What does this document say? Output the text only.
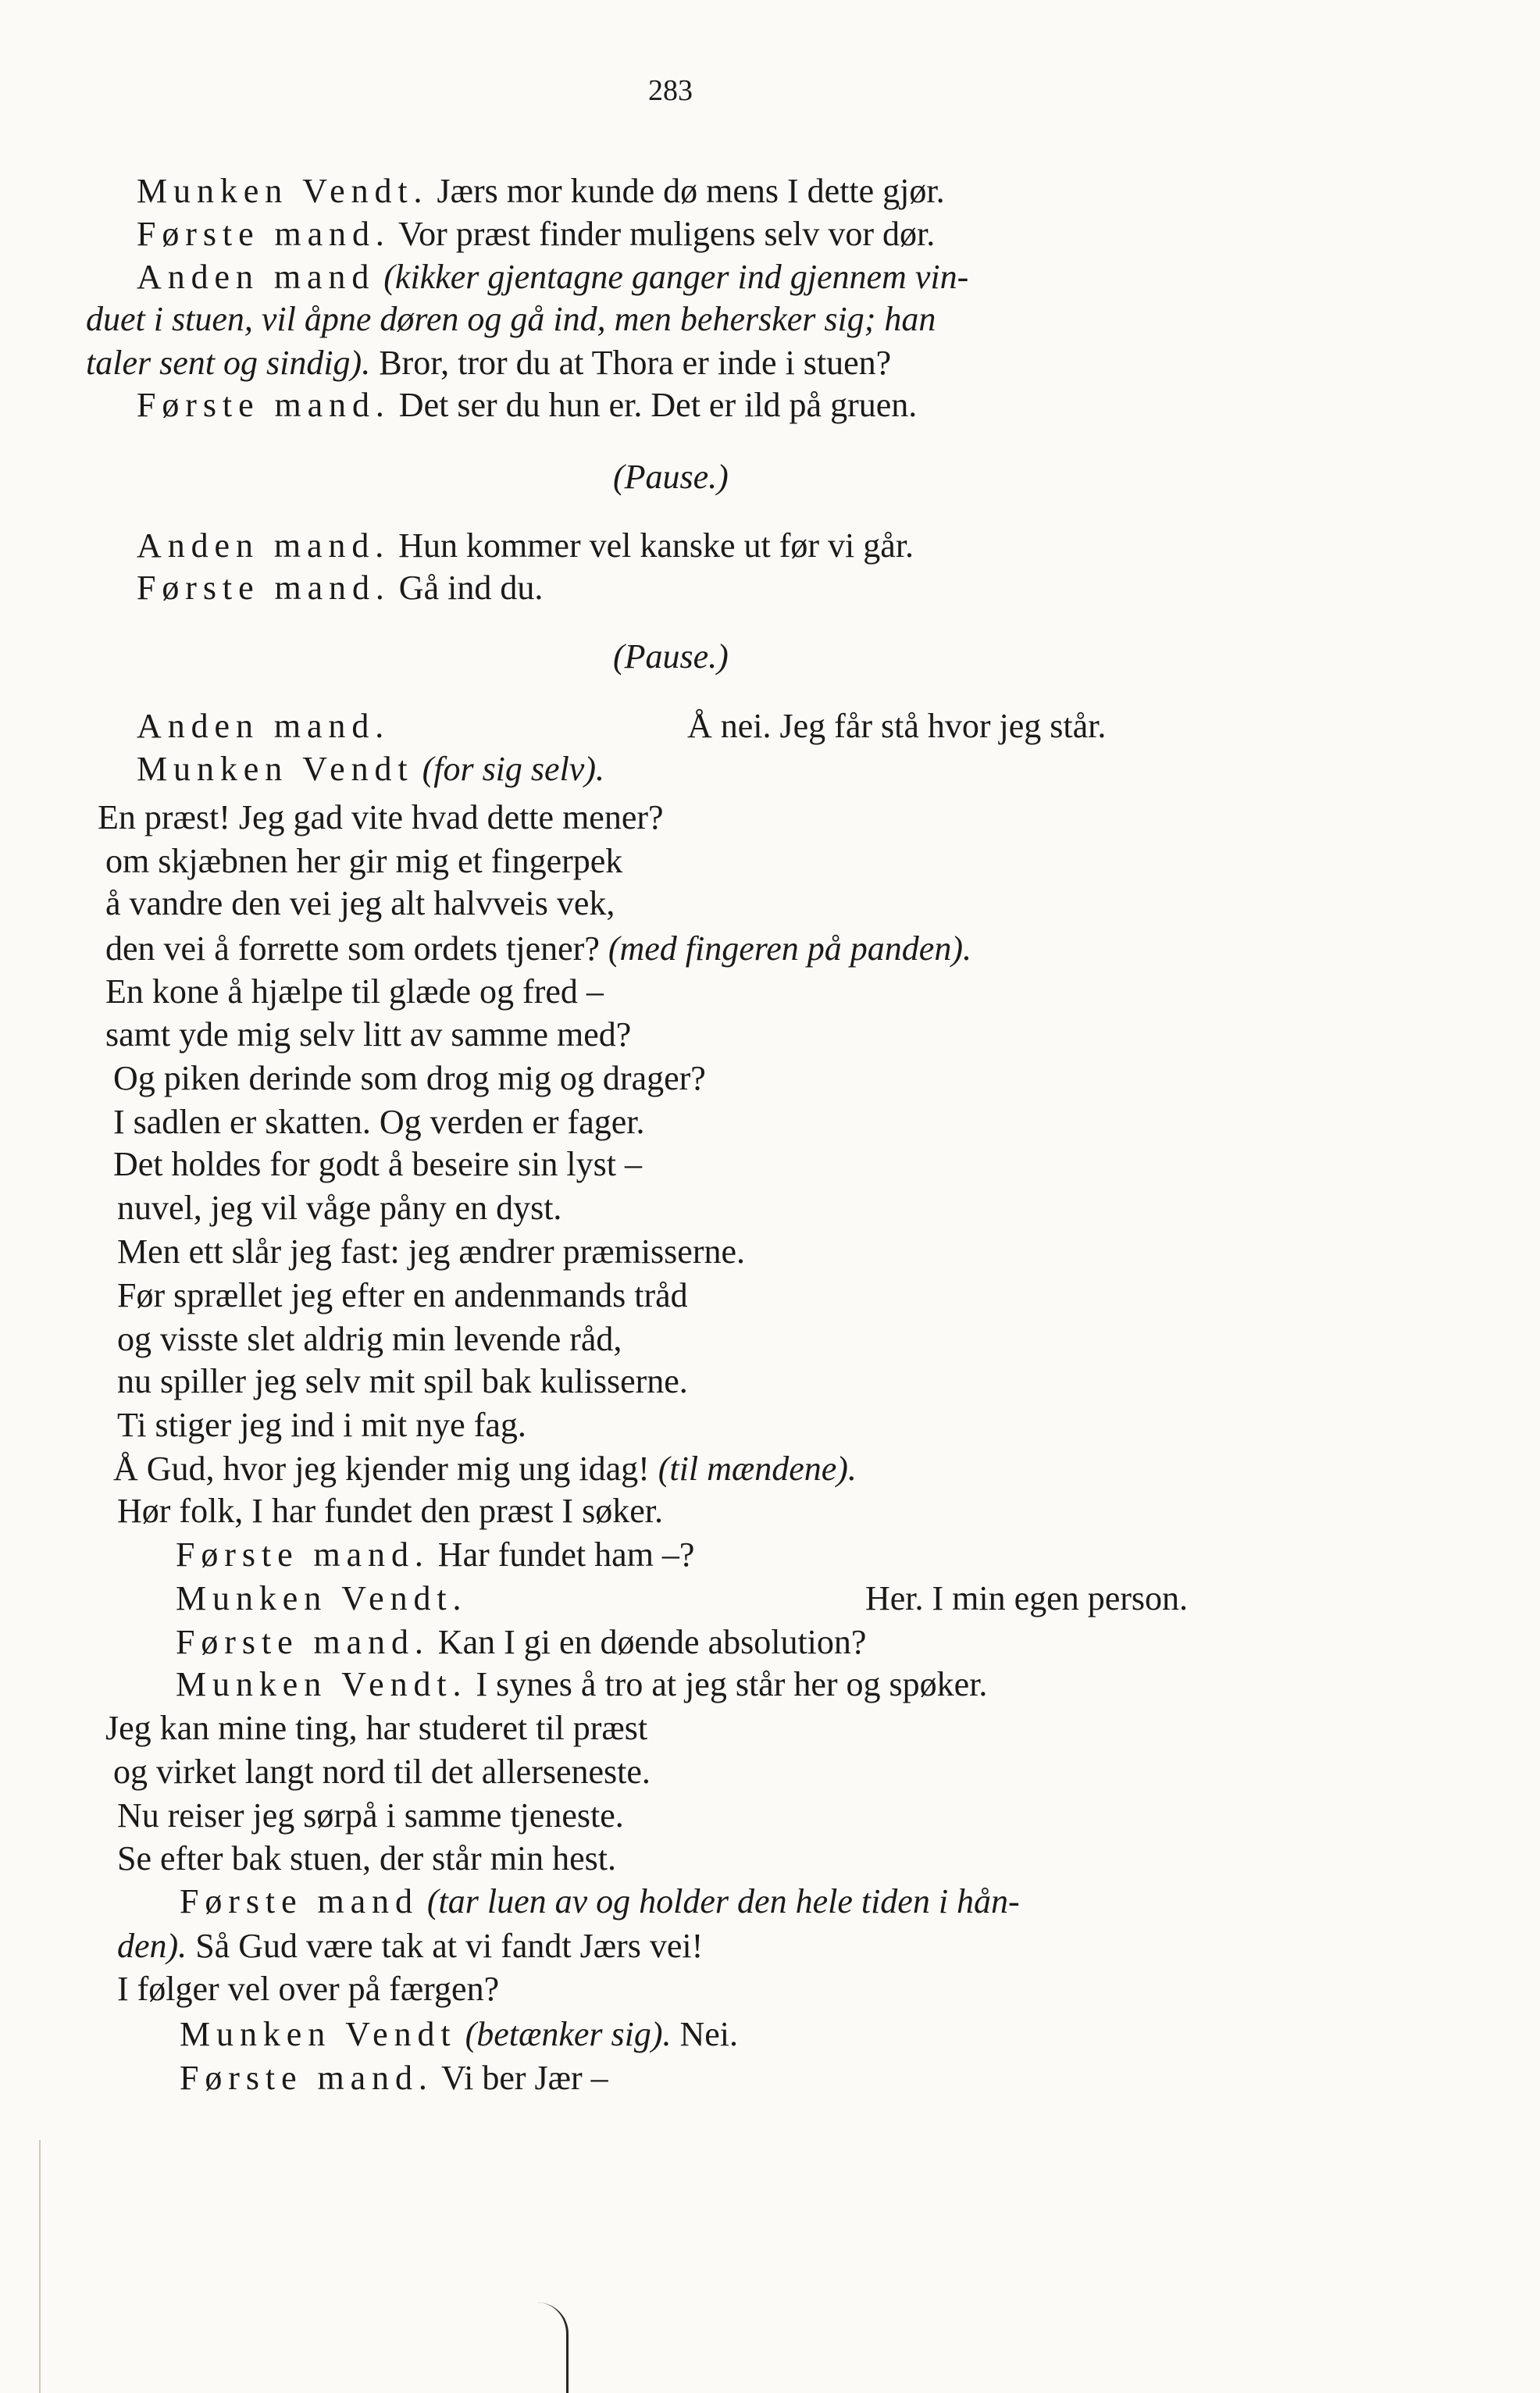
283
Munken Vendt. Jærs mor kunde dø mens I dette gjør.
Første mand. Vor præst finder muligens selv vor dør.
Anden mand (kikker gjentagne ganger ind gjennem vin-
duet i stuen, vil åpne døren og gå ind, men behersker sig; han
taler sent og sindig). Bror, tror du at Thora er inde i stuen?
Første mand. Det ser du hun er. Det er ild på gruen.
(Pause.)
Anden mand. Hun kommer vel kanske ut før vi går.
Første mand. Gå ind du.
(Pause.)
Anden mand.	Å nei. Jeg får stå hvor jeg står.
Munken Vendt (for sig selv).
En præst! Jeg gad vite hvad dette mener?
om skjæbnen her gir mig et fingerpek
å vandre den vei jeg alt halvveis vek,
den vei å forrette som ordets tjener? (med fingeren på panden).
En kone å hjælpe til glæde og fred –
samt yde mig selv litt av samme med?
Og piken derinde som drog mig og drager?
I sadlen er skatten. Og verden er fager.
Det holdes for godt å beseire sin lyst –
nuvel, jeg vil våge pånу en dyst.
Men ett slår jeg fast: jeg ændrer præmisserne.
Før sprællet jeg efter en andenmands tråd
og visste slet aldrig min levende råd,
nu spiller jeg selv mit spil bak kulisserne.
Ti stiger jeg ind i mit nye fag.
Å Gud, hvor jeg kjender mig ung idag! (til mændene).
Hør folk, I har fundet den præst I søker.
Første mand. Har fundet ham –?
Munken Vendt.	Her. I min egen person.
Første mand. Kan I gi en døende absolution?
Munken Vendt. I synes å tro at jeg står her og spøker.
Jeg kan mine ting, har studeret til præst
og virket langt nord til det allerseneste.
Nu reiser jeg sørpå i samme tjeneste.
Se efter bak stuen, der står min hest.
Første mand (tar luen av og holder den hele tiden i hån-
den). Så Gud være tak at vi fandt Jærs vei!
I følger vel over på færgen?
Munken Vendt (betænker sig). Nei.
Første mand. Vi ber Jær –
